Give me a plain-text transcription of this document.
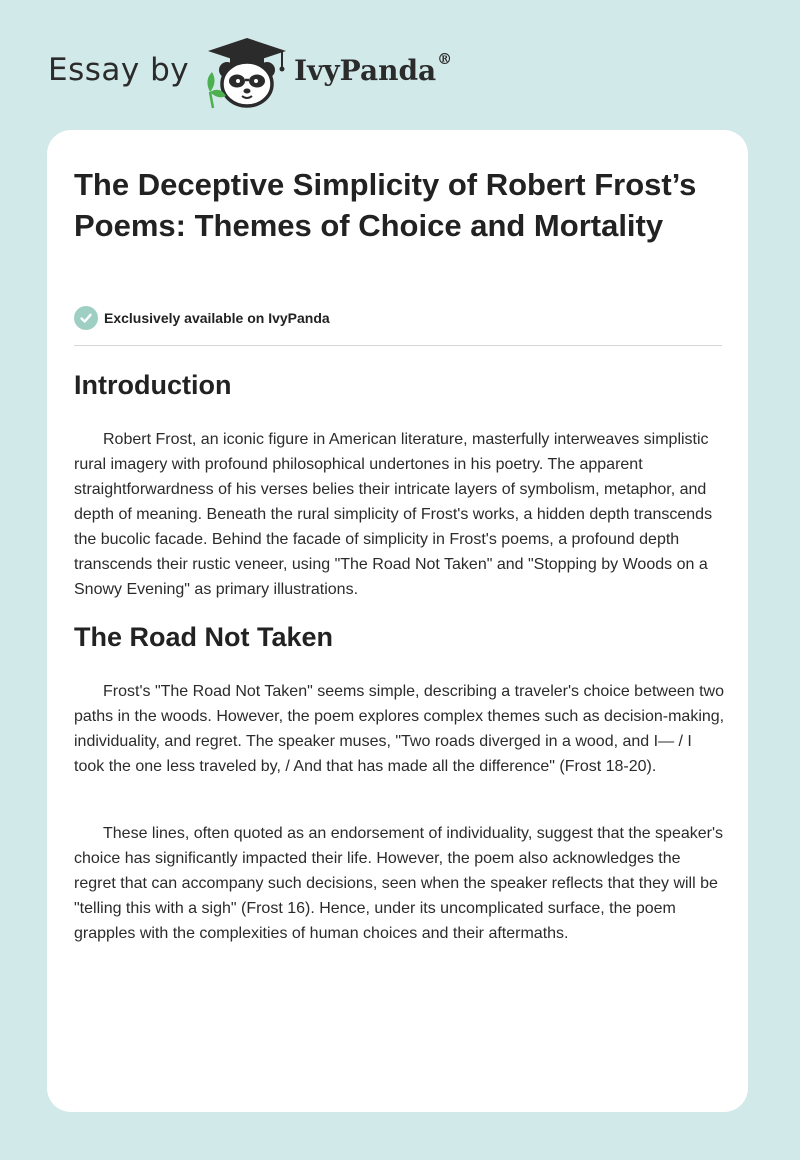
Essay by	IvyPanda®
The Deceptive Simplicity of Robert Frost’s Poems: Themes of Choice and Mortality
Exclusively available on IvyPanda
Introduction

Robert Frost, an iconic figure in American literature, masterfully interweaves simplistic rural imagery with profound philosophical undertones in his poetry. The apparent straightforwardness of his verses belies their intricate layers of symbolism, metaphor, and depth of meaning. Beneath the rural simplicity of Frost's works, a hidden depth transcends the bucolic facade. Behind the facade of simplicity in Frost's poems, a profound depth transcends their rustic veneer, using "The Road Not Taken" and "Stopping by Woods on a Snowy Evening" as primary illustrations.

The Road Not Taken

Frost's "The Road Not Taken" seems simple, describing a traveler's choice between two paths in the woods. However, the poem explores complex themes such as decision-making, individuality, and regret. The speaker muses, "Two roads diverged in a wood, and I— / I took the one less traveled by, / And that has made all the difference" (Frost 18-20).

These lines, often quoted as an endorsement of individuality, suggest that the speaker's choice has significantly impacted their life. However, the poem also acknowledges the regret that can accompany such decisions, seen when the speaker reflects that they will be "telling this with a sigh" (Frost 16). Hence, under its uncomplicated surface, the poem grapples with the complexities of human choices and their aftermaths.
